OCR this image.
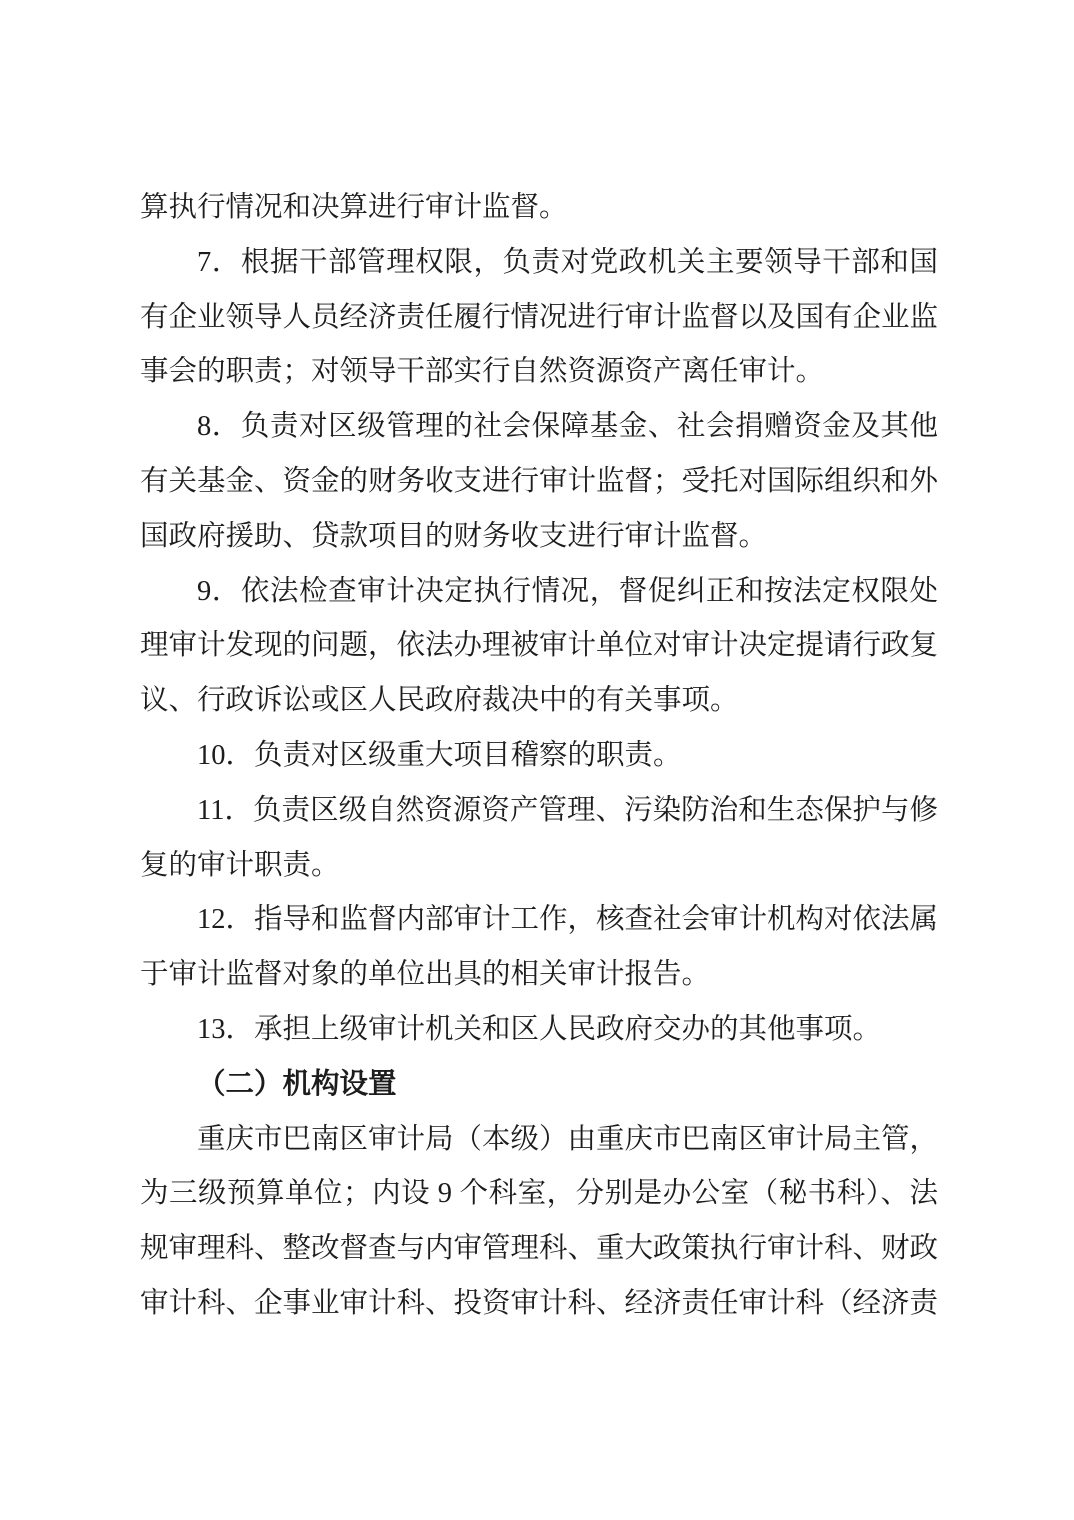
算执行情况和决算进行审计监督。

7．根据干部管理权限，负责对党政机关主要领导干部和国有企业领导人员经济责任履行情况进行审计监督以及国有企业监事会的职责；对领导干部实行自然资源资产离任审计。

8．负责对区级管理的社会保障基金、社会捐赠资金及其他有关基金、资金的财务收支进行审计监督；受托对国际组织和外国政府援助、贷款项目的财务收支进行审计监督。

9．依法检查审计决定执行情况，督促纠正和按法定权限处理审计发现的问题，依法办理被审计单位对审计决定提请行政复议、行政诉讼或区人民政府裁决中的有关事项。

10．负责对区级重大项目稽察的职责。

11．负责区级自然资源资产管理、污染防治和生态保护与修复的审计职责。

12．指导和监督内部审计工作，核查社会审计机构对依法属于审计监督对象的单位出具的相关审计报告。

13．承担上级审计机关和区人民政府交办的其他事项。

（二）机构设置

重庆市巴南区审计局（本级）由重庆市巴南区审计局主管，为三级预算单位；内设 9 个科室，分别是办公室（秘书科）、法规审理科、整改督查与内审管理科、重大政策执行审计科、财政审计科、企事业审计科、投资审计科、经济责任审计科（经济责
